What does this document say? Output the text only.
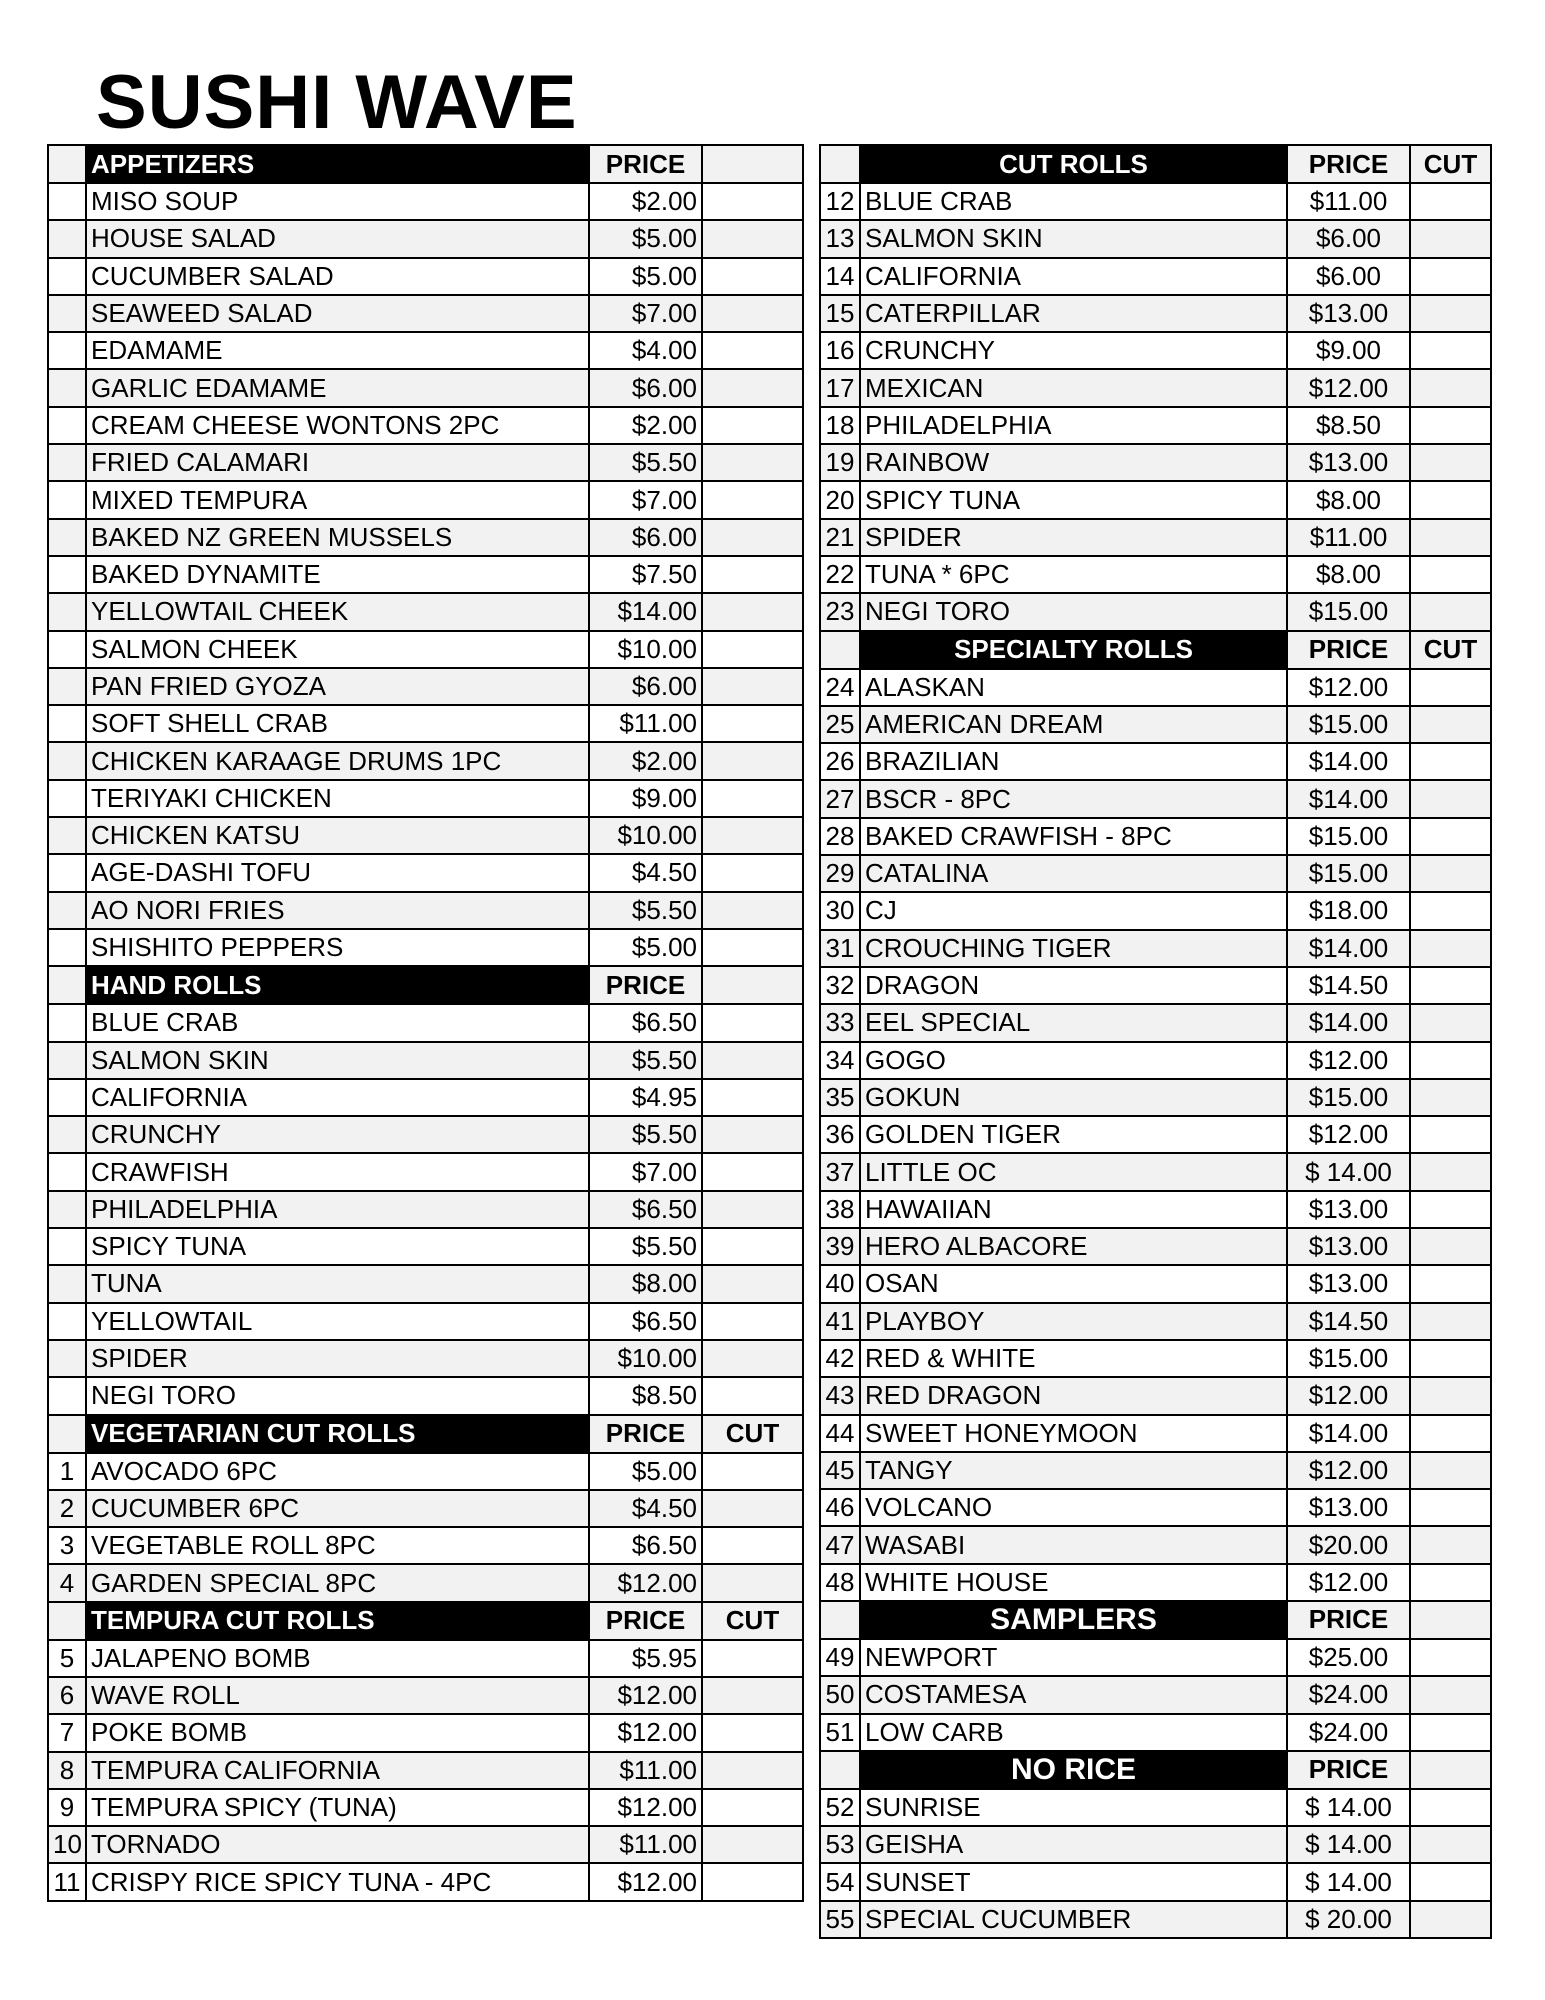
SUSHI WAVE
	APPETIZERS	PRICE	
	MISO SOUP	$2.00	
	HOUSE SALAD	$5.00	
	CUCUMBER SALAD	$5.00	
	SEAWEED SALAD	$7.00	
	EDAMAME	$4.00	
	GARLIC EDAMAME	$6.00	
	CREAM CHEESE WONTONS 2PC	$2.00	
	FRIED CALAMARI	$5.50	
	MIXED TEMPURA	$7.00	
	BAKED NZ GREEN MUSSELS	$6.00	
	BAKED DYNAMITE	$7.50	
	YELLOWTAIL CHEEK	$14.00	
	SALMON CHEEK	$10.00	
	PAN FRIED GYOZA	$6.00	
	SOFT SHELL CRAB	$11.00	
	CHICKEN KARAAGE DRUMS 1PC	$2.00	
	TERIYAKI CHICKEN	$9.00	
	CHICKEN KATSU	$10.00	
	AGE-DASHI TOFU	$4.50	
	AO NORI FRIES	$5.50	
	SHISHITO PEPPERS	$5.00	
	HAND ROLLS	PRICE	
	BLUE CRAB	$6.50	
	SALMON SKIN	$5.50	
	CALIFORNIA	$4.95	
	CRUNCHY	$5.50	
	CRAWFISH	$7.00	
	PHILADELPHIA	$6.50	
	SPICY TUNA	$5.50	
	TUNA	$8.00	
	YELLOWTAIL	$6.50	
	SPIDER	$10.00	
	NEGI TORO	$8.50	
	VEGETARIAN CUT ROLLS	PRICE	CUT
1	AVOCADO 6PC	$5.00	
2	CUCUMBER 6PC	$4.50	
3	VEGETABLE ROLL 8PC	$6.50	
4	GARDEN SPECIAL 8PC	$12.00	
	TEMPURA CUT ROLLS	PRICE	CUT
5	JALAPENO BOMB	$5.95	
6	WAVE ROLL	$12.00	
7	POKE BOMB	$12.00	
8	TEMPURA CALIFORNIA	$11.00	
9	TEMPURA SPICY (TUNA)	$12.00	
10	TORNADO	$11.00	
11	CRISPY RICE SPICY TUNA - 4PC	$12.00	
	CUT ROLLS	PRICE	CUT
12	BLUE CRAB	$11.00	
13	SALMON SKIN	$6.00	
14	CALIFORNIA	$6.00	
15	CATERPILLAR	$13.00	
16	CRUNCHY	$9.00	
17	MEXICAN	$12.00	
18	PHILADELPHIA	$8.50	
19	RAINBOW	$13.00	
20	SPICY TUNA	$8.00	
21	SPIDER	$11.00	
22	TUNA * 6PC	$8.00	
23	NEGI TORO	$15.00	
	SPECIALTY ROLLS	PRICE	CUT
24	ALASKAN	$12.00	
25	AMERICAN DREAM	$15.00	
26	BRAZILIAN	$14.00	
27	BSCR - 8PC	$14.00	
28	BAKED CRAWFISH - 8PC	$15.00	
29	CATALINA	$15.00	
30	CJ	$18.00	
31	CROUCHING TIGER	$14.00	
32	DRAGON	$14.50	
33	EEL SPECIAL	$14.00	
34	GOGO	$12.00	
35	GOKUN	$15.00	
36	GOLDEN TIGER	$12.00	
37	LITTLE OC	$ 14.00	
38	HAWAIIAN	$13.00	
39	HERO ALBACORE	$13.00	
40	OSAN	$13.00	
41	PLAYBOY	$14.50	
42	RED & WHITE	$15.00	
43	RED DRAGON	$12.00	
44	SWEET HONEYMOON	$14.00	
45	TANGY	$12.00	
46	VOLCANO	$13.00	
47	WASABI	$20.00	
48	WHITE HOUSE	$12.00	
	SAMPLERS	PRICE	
49	NEWPORT	$25.00	
50	COSTAMESA	$24.00	
51	LOW CARB	$24.00	
	NO RICE	PRICE	
52	SUNRISE	$ 14.00	
53	GEISHA	$ 14.00	
54	SUNSET	$ 14.00	
55	SPECIAL CUCUMBER	$ 20.00	
